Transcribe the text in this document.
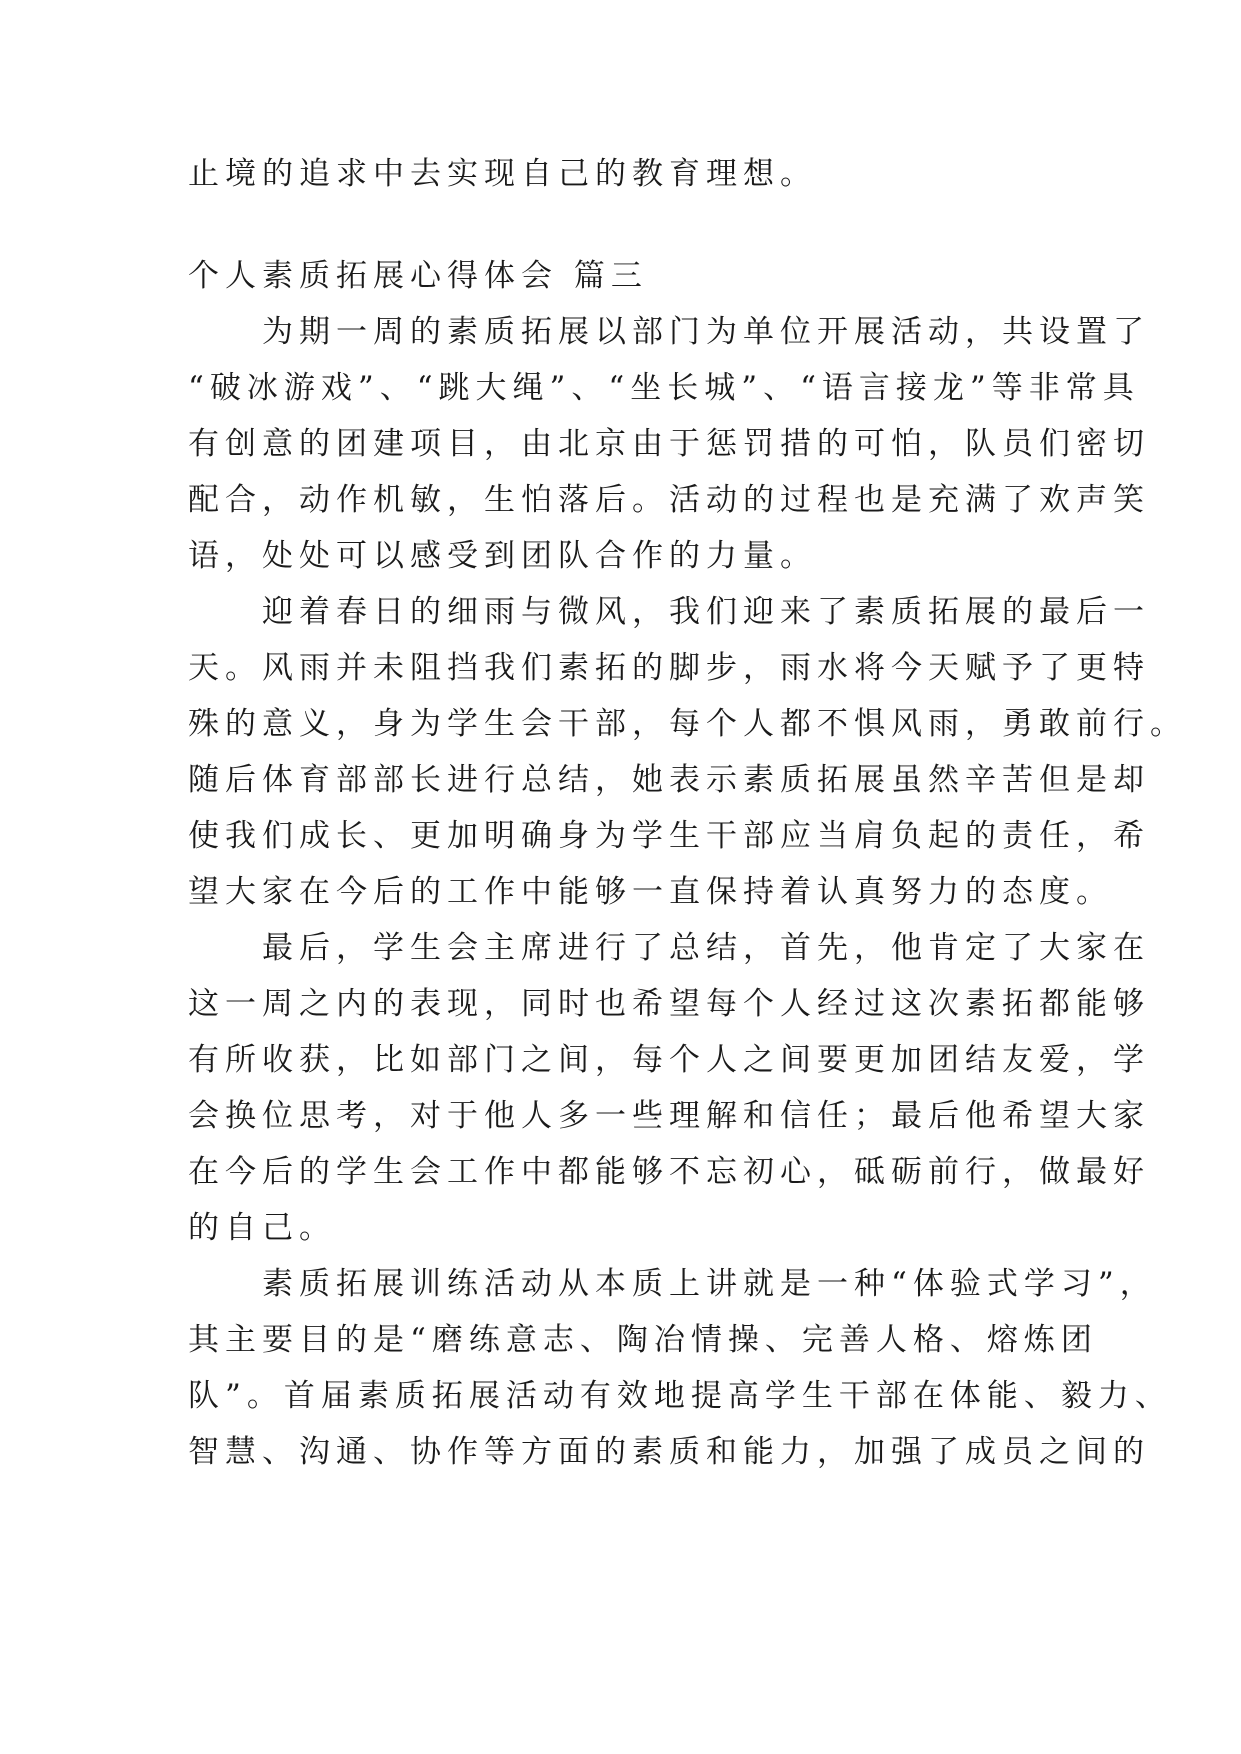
止境的追求中去实现自己的教育理想。

个人素质拓展心得体会 篇三

为期一周的素质拓展以部门为单位开展活动，共设置了

“破冰游戏”、“跳大绳”、“坐长城”、“语言接龙”等非常具

有创意的团建项目，由北京由于惩罚措的可怕，队员们密切

配合，动作机敏，生怕落后。活动的过程也是充满了欢声笑

语，处处可以感受到团队合作的力量。

迎着春日的细雨与微风，我们迎来了素质拓展的最后一

天。风雨并未阻挡我们素拓的脚步，雨水将今天赋予了更特

殊的意义，身为学生会干部，每个人都不惧风雨，勇敢前行。

随后体育部部长进行总结，她表示素质拓展虽然辛苦但是却

使我们成长、更加明确身为学生干部应当肩负起的责任，希

望大家在今后的工作中能够一直保持着认真努力的态度。

最后，学生会主席进行了总结，首先，他肯定了大家在

这一周之内的表现，同时也希望每个人经过这次素拓都能够

有所收获，比如部门之间，每个人之间要更加团结友爱，学

会换位思考，对于他人多一些理解和信任；最后他希望大家

在今后的学生会工作中都能够不忘初心，砥砺前行，做最好

的自己。

素质拓展训练活动从本质上讲就是一种“体验式学习”，

其主要目的是“磨练意志、陶冶情操、完善人格、熔炼团

队”。首届素质拓展活动有效地提高学生干部在体能、毅力、

智慧、沟通、协作等方面的素质和能力，加强了成员之间的
